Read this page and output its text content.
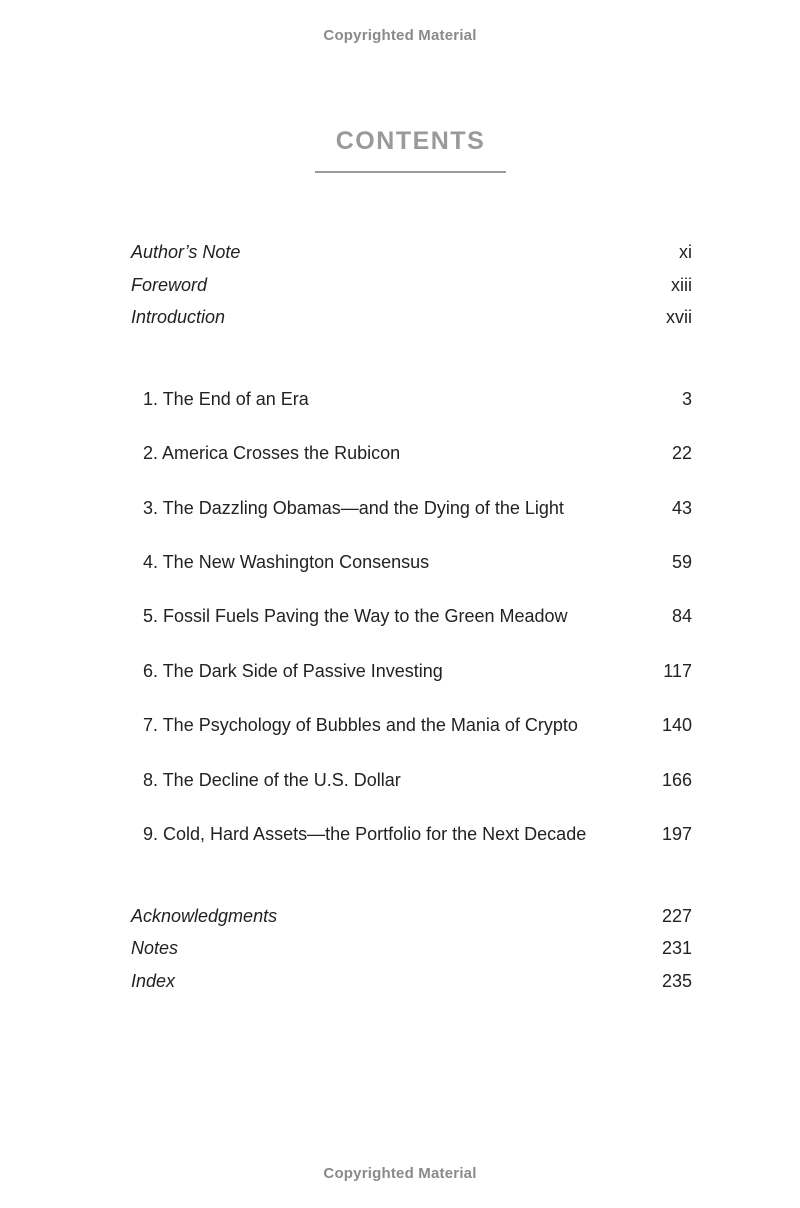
Copyrighted Material
CONTENTS
Author’s Note	xi
Foreword	xiii
Introduction	xvii
1. The End of an Era	3
2. America Crosses the Rubicon	22
3. The Dazzling Obamas—and the Dying of the Light	43
4. The New Washington Consensus	59
5. Fossil Fuels Paving the Way to the Green Meadow	84
6. The Dark Side of Passive Investing	117
7. The Psychology of Bubbles and the Mania of Crypto	140
8. The Decline of the U.S. Dollar	166
9. Cold, Hard Assets—the Portfolio for the Next Decade	197
Acknowledgments	227
Notes	231
Index	235
Copyrighted Material
